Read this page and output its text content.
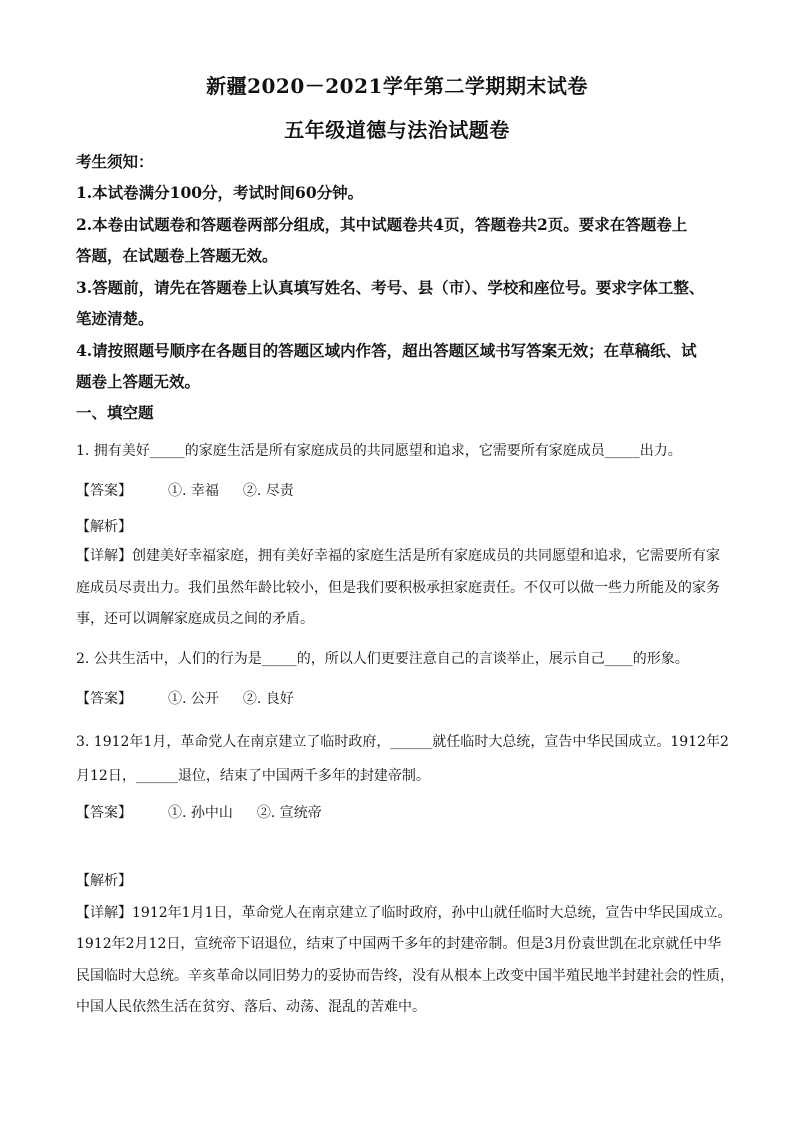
新疆2020－2021学年第二学期期末试卷
五年级道德与法治试题卷
考生须知：
1.本试卷满分100分，考试时间60分钟。
2.本卷由试题卷和答题卷两部分组成，其中试题卷共4页，答题卷共2页。要求在答题卷上
答题，在试题卷上答题无效。
3.答题前，请先在答题卷上认真填写姓名、考号、县（市）、学校和座位号。要求字体工整、
笔迹清楚。
4.请按照题号顺序在各题目的答题区域内作答，超出答题区域书写答案无效；在草稿纸、试
题卷上答题无效。
一、填空题
1. 拥有美好_____的家庭生活是所有家庭成员的共同愿望和追求，它需要所有家庭成员_____出力。
【答案】	①. 幸福 ②. 尽责
【解析】
【详解】创建美好幸福家庭，拥有美好幸福的家庭生活是所有家庭成员的共同愿望和追求，它需要所有家
庭成员尽责出力。我们虽然年龄比较小，但是我们要积极承担家庭责任。不仅可以做一些力所能及的家务
事，还可以调解家庭成员之间的矛盾。
2. 公共生活中，人们的行为是_____的，所以人们更要注意自己的言谈举止，展示自己____的形象。
【答案】	①. 公开 ②. 良好
3. 1912年1月，革命党人在南京建立了临时政府，______就任临时大总统，宣告中华民国成立。1912年2
月12日，______退位，结束了中国两千多年的封建帝制。
【答案】	①. 孙中山 ②. 宣统帝
【解析】
【详解】1912年1月1日，革命党人在南京建立了临时政府，孙中山就任临时大总统，宣告中华民国成立。
1912年2月12日，宣统帝下诏退位，结束了中国两千多年的封建帝制。但是3月份袁世凯在北京就任中华
民国临时大总统。辛亥革命以同旧势力的妥协而告终，没有从根本上改变中国半殖民地半封建社会的性质，
中国人民依然生活在贫穷、落后、动荡、混乱的苦难中。
